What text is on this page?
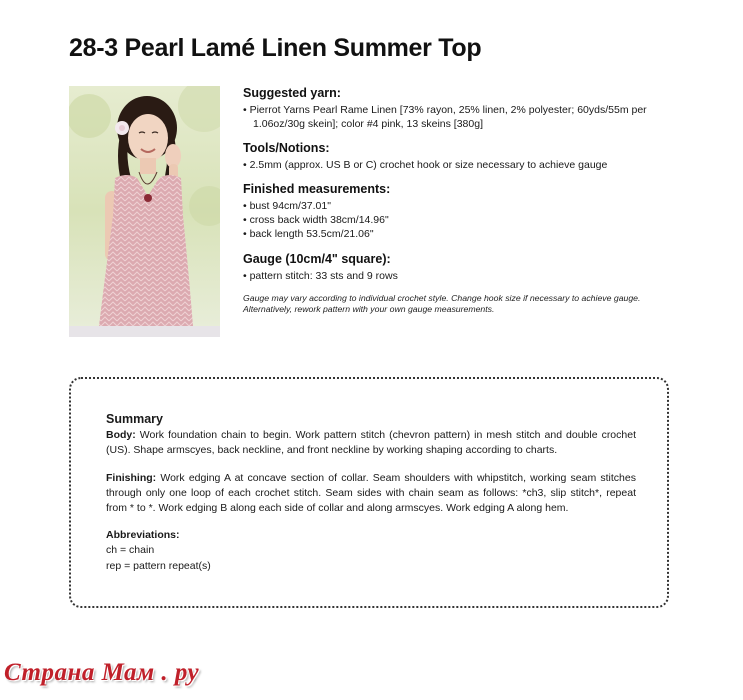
28-3 Pearl Lamé Linen Summer Top
Suggested yarn:
• Pierrot Yarns Pearl Rame Linen [73% rayon, 25% linen, 2% polyester; 60yds/55m per 1.06oz/30g skein]; color #4 pink, 13 skeins [380g]
Tools/Notions:
• 2.5mm (approx. US B or C) crochet hook or size necessary to achieve gauge
Finished measurements:
• bust 94cm/37.01"
• cross back width 38cm/14.96"
• back length 53.5cm/21.06"
Gauge (10cm/4" square):
• pattern stitch: 33 sts and 9 rows
Gauge may vary according to individual crochet style. Change hook size if necessary to achieve gauge. Alternatively, rework pattern with your own gauge measurements.
Summary

Body: Work foundation chain to begin. Work pattern stitch (chevron pattern) in mesh stitch and double crochet (US). Shape armscyes, back neckline, and front neckline by working shaping according to charts.

Finishing: Work edging A at concave section of collar. Seam shoulders with whipstitch, working seam stitches through only one loop of each crochet stitch. Seam sides with chain seam as follows: *ch3, slip stitch*, repeat from * to *. Work edging B along each side of collar and along armscyes. Work edging A along hem.

Abbreviations:
ch = chain
rep = pattern repeat(s)
Страна Мам . ру
